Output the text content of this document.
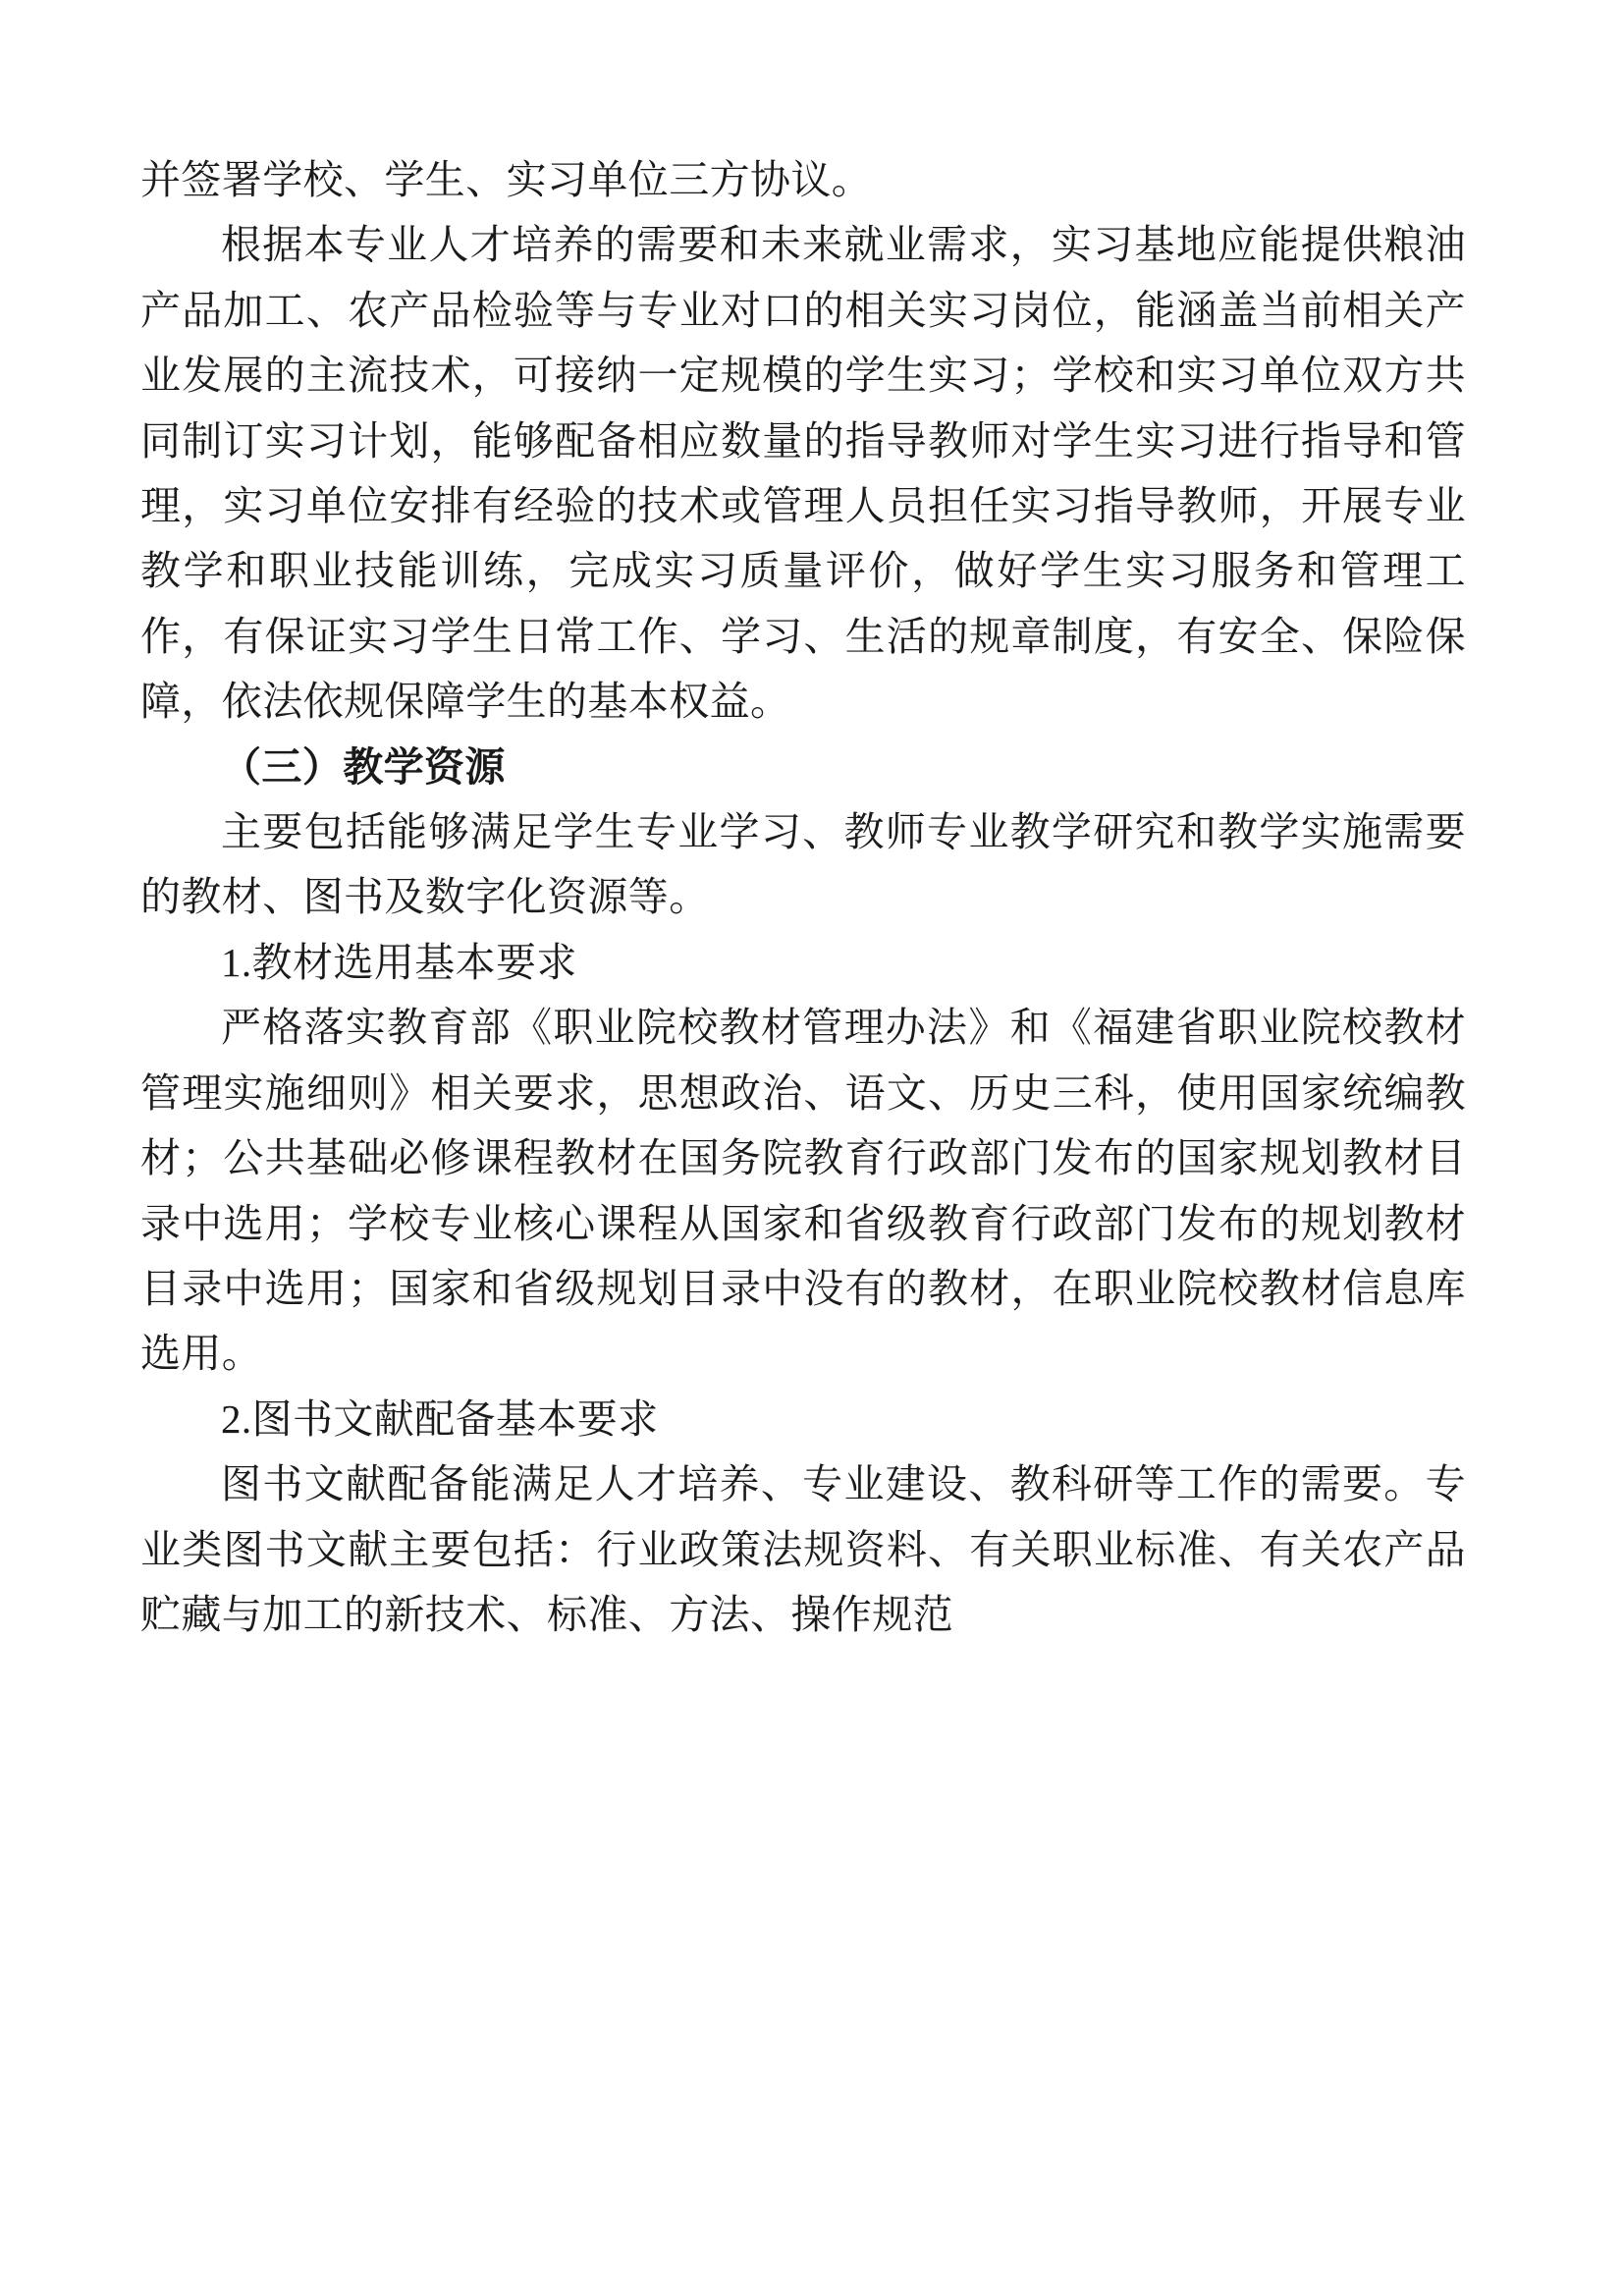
并签署学校、学生、实习单位三方协议。

根据本专业人才培养的需要和未来就业需求，实习基地应能提供粮油产品加工、农产品检验等与专业对口的相关实习岗位，能涵盖当前相关产业发展的主流技术，可接纳一定规模的学生实习；学校和实习单位双方共同制订实习计划，能够配备相应数量的指导教师对学生实习进行指导和管理，实习单位安排有经验的技术或管理人员担任实习指导教师，开展专业教学和职业技能训练，完成实习质量评价，做好学生实习服务和管理工作，有保证实习学生日常工作、学习、生活的规章制度，有安全、保险保障，依法依规保障学生的基本权益。

（三）教学资源

主要包括能够满足学生专业学习、教师专业教学研究和教学实施需要的教材、图书及数字化资源等。

1.教材选用基本要求

严格落实教育部《职业院校教材管理办法》和《福建省职业院校教材管理实施细则》相关要求，思想政治、语文、历史三科，使用国家统编教材；公共基础必修课程教材在国务院教育行政部门发布的国家规划教材目录中选用；学校专业核心课程从国家和省级教育行政部门发布的规划教材目录中选用；国家和省级规划目录中没有的教材，在职业院校教材信息库选用。

2.图书文献配备基本要求

图书文献配备能满足人才培养、专业建设、教科研等工作的需要。专业类图书文献主要包括：行业政策法规资料、有关职业标准、有关农产品贮藏与加工的新技术、标准、方法、操作规范
